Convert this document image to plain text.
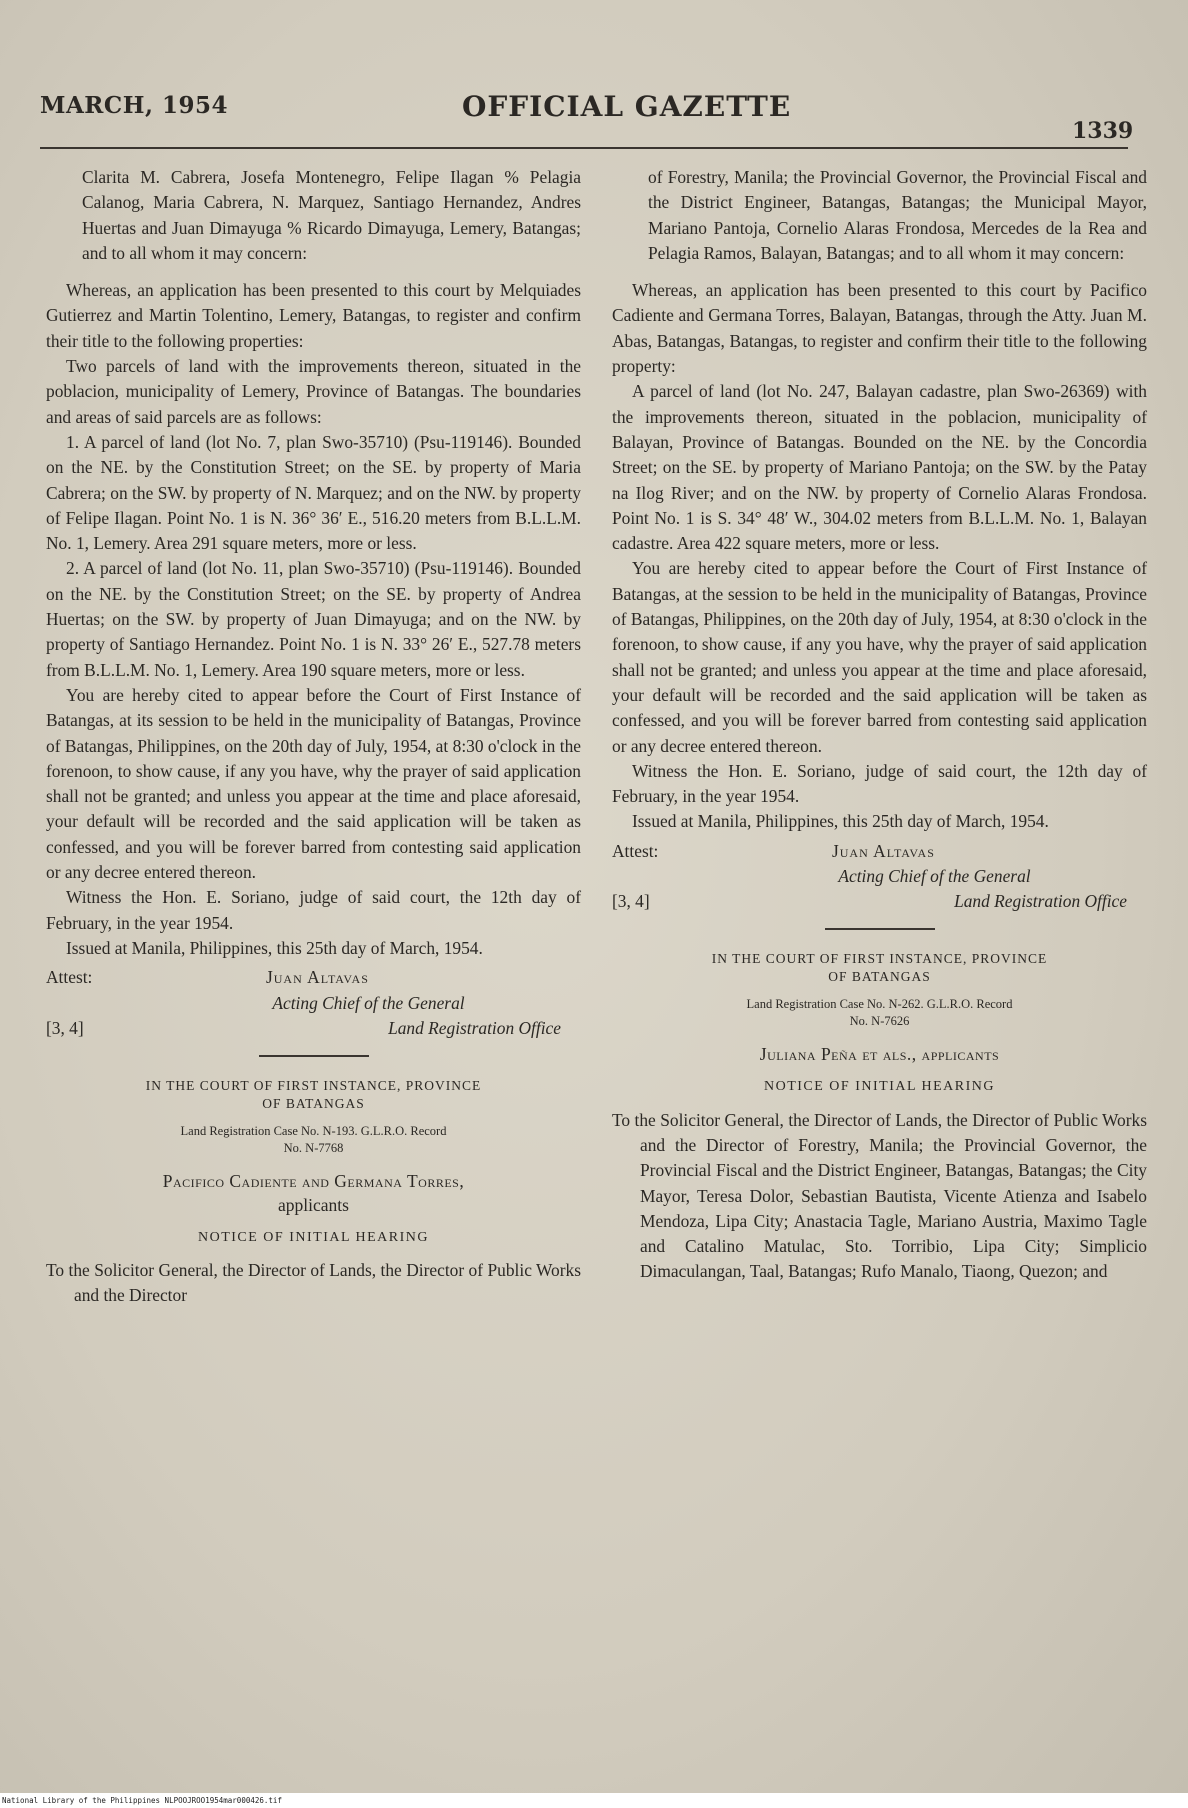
MARCH, 1954	OFFICIAL GAZETTE
1339

Clarita M. Cabrera, Josefa Montenegro, Felipe Ilagan % Pelagia Calanog, Maria Cabrera, N. Marquez, Santiago Hernandez, Andres Huertas and Juan Dimayuga % Ricardo Dimayuga, Lemery, Batangas; and to all whom it may concern:

Whereas, an application has been presented to this court by Melquiades Gutierrez and Martin Tolentino, Lemery, Batangas, to register and confirm their title to the following properties:

Two parcels of land with the improvements thereon, situated in the poblacion, municipality of Lemery, Province of Batangas. The boundaries and areas of said parcels are as follows:

1. A parcel of land (lot No. 7, plan Swo-35710) (Psu-119146). Bounded on the NE. by the Constitution Street; on the SE. by property of Maria Cabrera; on the SW. by property of N. Marquez; and on the NW. by property of Felipe Ilagan. Point No. 1 is N. 36° 36′ E., 516.20 meters from B.L.L.M. No. 1, Lemery. Area 291 square meters, more or less.

2. A parcel of land (lot No. 11, plan Swo-35710) (Psu-119146). Bounded on the NE. by the Constitution Street; on the SE. by property of Andrea Huertas; on the SW. by property of Juan Dimayuga; and on the NW. by property of Santiago Hernandez. Point No. 1 is N. 33° 26′ E., 527.78 meters from B.L.L.M. No. 1, Lemery. Area 190 square meters, more or less.

You are hereby cited to appear before the Court of First Instance of Batangas, at its session to be held in the municipality of Batangas, Province of Batangas, Philippines, on the 20th day of July, 1954, at 8:30 o'clock in the forenoon, to show cause, if any you have, why the prayer of said application shall not be granted; and unless you appear at the time and place aforesaid, your default will be recorded and the said application will be taken as confessed, and you will be forever barred from contesting said application or any decree entered thereon.

Witness the Hon. E. Soriano, judge of said court, the 12th day of February, in the year 1954.

Issued at Manila, Philippines, this 25th day of March, 1954.

Attest:	Juan Altavas
Acting Chief of the General
[3, 4]	Land Registration Office
IN THE COURT OF FIRST INSTANCE, PROVINCE
OF BATANGAS
Land Registration Case No. N-193. G.L.R.O. Record
No. N-7768
Pacifico Cadiente and Germana Torres,
applicants
NOTICE OF INITIAL HEARING

To the Solicitor General, the Director of Lands, the Director of Public Works and the Director

of Forestry, Manila; the Provincial Governor, the Provincial Fiscal and the District Engineer, Batangas, Batangas; the Municipal Mayor, Mariano Pantoja, Cornelio Alaras Frondosa, Mercedes de la Rea and Pelagia Ramos, Balayan, Batangas; and to all whom it may concern:

Whereas, an application has been presented to this court by Pacifico Cadiente and Germana Torres, Balayan, Batangas, through the Atty. Juan M. Abas, Batangas, Batangas, to register and confirm their title to the following property:

A parcel of land (lot No. 247, Balayan cadastre, plan Swo-26369) with the improvements thereon, situated in the poblacion, municipality of Balayan, Province of Batangas. Bounded on the NE. by the Concordia Street; on the SE. by property of Mariano Pantoja; on the SW. by the Patay na Ilog River; and on the NW. by property of Cornelio Alaras Frondosa. Point No. 1 is S. 34° 48′ W., 304.02 meters from B.L.L.M. No. 1, Balayan cadastre. Area 422 square meters, more or less.

You are hereby cited to appear before the Court of First Instance of Batangas, at the session to be held in the municipality of Batangas, Province of Batangas, Philippines, on the 20th day of July, 1954, at 8:30 o'clock in the forenoon, to show cause, if any you have, why the prayer of said application shall not be granted; and unless you appear at the time and place aforesaid, your default will be recorded and the said application will be taken as confessed, and you will be forever barred from contesting said application or any decree entered thereon.

Witness the Hon. E. Soriano, judge of said court, the 12th day of February, in the year 1954.

Issued at Manila, Philippines, this 25th day of March, 1954.

Attest:	Juan Altavas
Acting Chief of the General
[3, 4]	Land Registration Office
IN THE COURT OF FIRST INSTANCE, PROVINCE
OF BATANGAS
Land Registration Case No. N-262. G.L.R.O. Record
No. N-7626
Juliana Peña et als., applicants
NOTICE OF INITIAL HEARING

To the Solicitor General, the Director of Lands, the Director of Public Works and the Director of Forestry, Manila; the Provincial Governor, the Provincial Fiscal and the District Engineer, Batangas, Batangas; the City Mayor, Teresa Dolor, Sebastian Bautista, Vicente Atienza and Isabelo Mendoza, Lipa City; Anastacia Tagle, Mariano Austria, Maximo Tagle and Catalino Matulac, Sto. Torribio, Lipa City; Simplicio Dimaculangan, Taal, Batangas; Rufo Manalo, Tiaong, Quezon; and

National Library of the Philippines NLPOOJROO1954mar000426.tif
